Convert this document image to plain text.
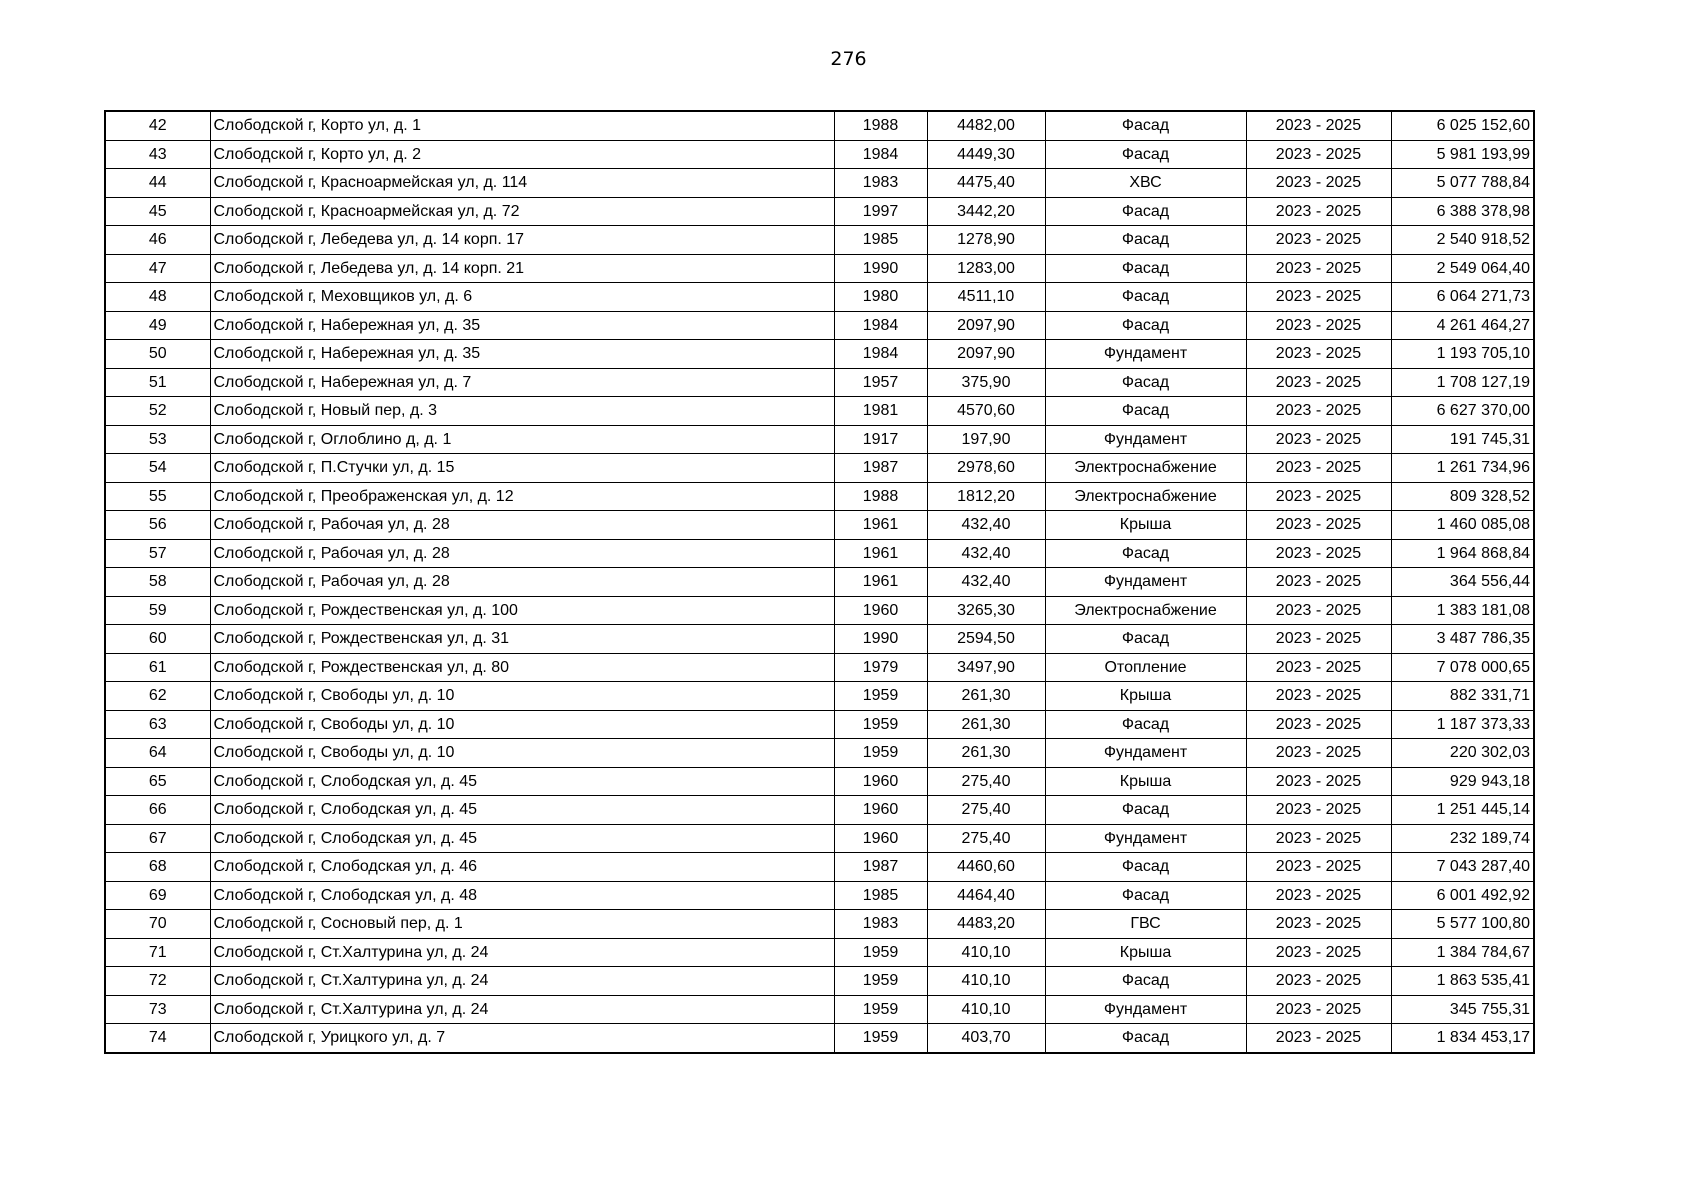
276
42	Слободской г, Корто ул, д. 1	1988	4482,00	Фасад	2023 - 2025	6 025 152,60
43	Слободской г, Корто ул, д. 2	1984	4449,30	Фасад	2023 - 2025	5 981 193,99
44	Слободской г, Красноармейская ул, д. 114	1983	4475,40	ХВС	2023 - 2025	5 077 788,84
45	Слободской г, Красноармейская ул, д. 72	1997	3442,20	Фасад	2023 - 2025	6 388 378,98
46	Слободской г, Лебедева ул, д. 14 корп. 17	1985	1278,90	Фасад	2023 - 2025	2 540 918,52
47	Слободской г, Лебедева ул, д. 14 корп. 21	1990	1283,00	Фасад	2023 - 2025	2 549 064,40
48	Слободской г, Меховщиков ул, д. 6	1980	4511,10	Фасад	2023 - 2025	6 064 271,73
49	Слободской г, Набережная ул, д. 35	1984	2097,90	Фасад	2023 - 2025	4 261 464,27
50	Слободской г, Набережная ул, д. 35	1984	2097,90	Фундамент	2023 - 2025	1 193 705,10
51	Слободской г, Набережная ул, д. 7	1957	375,90	Фасад	2023 - 2025	1 708 127,19
52	Слободской г, Новый пер, д. 3	1981	4570,60	Фасад	2023 - 2025	6 627 370,00
53	Слободской г, Оглоблино д, д. 1	1917	197,90	Фундамент	2023 - 2025	191 745,31
54	Слободской г, П.Стучки ул, д. 15	1987	2978,60	Электроснабжение	2023 - 2025	1 261 734,96
55	Слободской г, Преображенская ул, д. 12	1988	1812,20	Электроснабжение	2023 - 2025	809 328,52
56	Слободской г, Рабочая ул, д. 28	1961	432,40	Крыша	2023 - 2025	1 460 085,08
57	Слободской г, Рабочая ул, д. 28	1961	432,40	Фасад	2023 - 2025	1 964 868,84
58	Слободской г, Рабочая ул, д. 28	1961	432,40	Фундамент	2023 - 2025	364 556,44
59	Слободской г, Рождественская ул, д. 100	1960	3265,30	Электроснабжение	2023 - 2025	1 383 181,08
60	Слободской г, Рождественская ул, д. 31	1990	2594,50	Фасад	2023 - 2025	3 487 786,35
61	Слободской г, Рождественская ул, д. 80	1979	3497,90	Отопление	2023 - 2025	7 078 000,65
62	Слободской г, Свободы ул, д. 10	1959	261,30	Крыша	2023 - 2025	882 331,71
63	Слободской г, Свободы ул, д. 10	1959	261,30	Фасад	2023 - 2025	1 187 373,33
64	Слободской г, Свободы ул, д. 10	1959	261,30	Фундамент	2023 - 2025	220 302,03
65	Слободской г, Слободская ул, д. 45	1960	275,40	Крыша	2023 - 2025	929 943,18
66	Слободской г, Слободская ул, д. 45	1960	275,40	Фасад	2023 - 2025	1 251 445,14
67	Слободской г, Слободская ул, д. 45	1960	275,40	Фундамент	2023 - 2025	232 189,74
68	Слободской г, Слободская ул, д. 46	1987	4460,60	Фасад	2023 - 2025	7 043 287,40
69	Слободской г, Слободская ул, д. 48	1985	4464,40	Фасад	2023 - 2025	6 001 492,92
70	Слободской г, Сосновый пер, д. 1	1983	4483,20	ГВС	2023 - 2025	5 577 100,80
71	Слободской г, Ст.Халтурина ул, д. 24	1959	410,10	Крыша	2023 - 2025	1 384 784,67
72	Слободской г, Ст.Халтурина ул, д. 24	1959	410,10	Фасад	2023 - 2025	1 863 535,41
73	Слободской г, Ст.Халтурина ул, д. 24	1959	410,10	Фундамент	2023 - 2025	345 755,31
74	Слободской г, Урицкого ул, д. 7	1959	403,70	Фасад	2023 - 2025	1 834 453,17
